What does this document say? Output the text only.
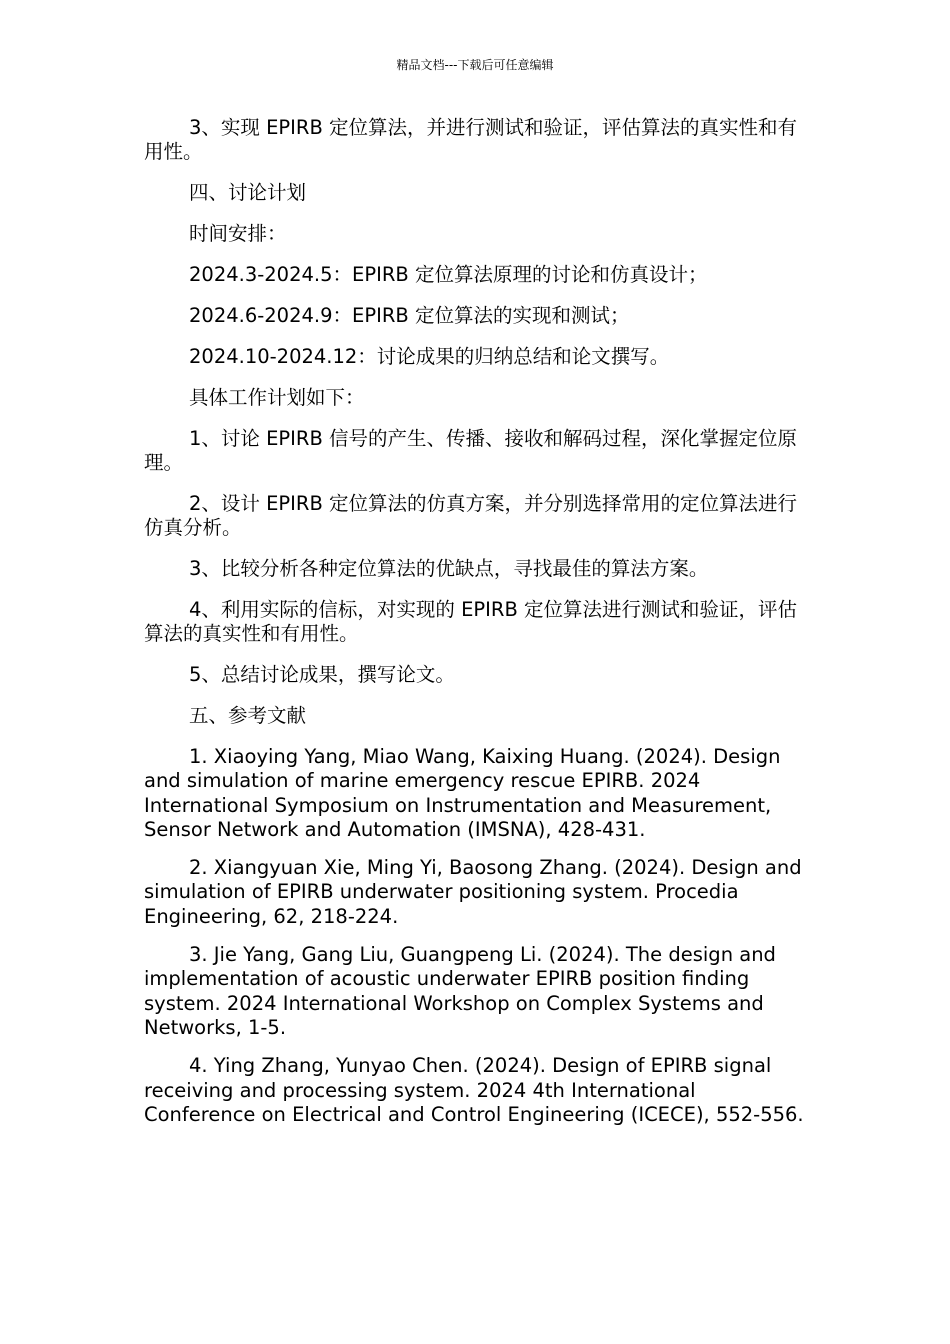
精品文档---下载后可任意编辑

3、实现 EPIRB 定位算法，并进行测试和验证，评估算法的真实性和有用性。

四、讨论计划

时间安排：

2024.3-2024.5：EPIRB 定位算法原理的讨论和仿真设计；

2024.6-2024.9：EPIRB 定位算法的实现和测试；

2024.10-2024.12：讨论成果的归纳总结和论文撰写。

具体工作计划如下：

1、讨论 EPIRB 信号的产生、传播、接收和解码过程，深化掌握定位原理。

2、设计 EPIRB 定位算法的仿真方案，并分别选择常用的定位算法进行仿真分析。

3、比较分析各种定位算法的优缺点，寻找最佳的算法方案。

4、利用实际的信标，对实现的 EPIRB 定位算法进行测试和验证，评估算法的真实性和有用性。

5、总结讨论成果，撰写论文。

五、参考文献

1. Xiaoying Yang, Miao Wang, Kaixing Huang. (2024). Design and simulation of marine emergency rescue EPIRB. 2024 International Symposium on Instrumentation and Measurement, Sensor Network and Automation (IMSNA), 428-431.

2. Xiangyuan Xie, Ming Yi, Baosong Zhang. (2024). Design and simulation of EPIRB underwater positioning system. Procedia Engineering, 62, 218-224.

3. Jie Yang, Gang Liu, Guangpeng Li. (2024). The design and implementation of acoustic underwater EPIRB position finding system. 2024 International Workshop on Complex Systems and Networks, 1-5.

4. Ying Zhang, Yunyao Chen. (2024). Design of EPIRB signal receiving and processing system. 2024 4th International Conference on Electrical and Control Engineering (ICECE), 552-556.
